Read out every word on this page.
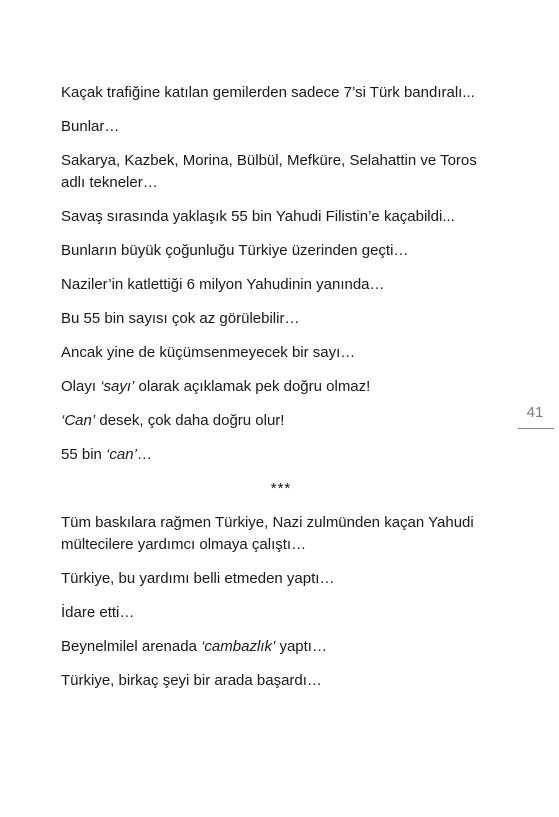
Kaçak trafiğine katılan gemilerden sadece 7’si Türk bandıralı...

Bunlar…

Sakarya, Kazbek, Morina, Bülbül, Mefküre, Selahattin ve Toros adlı tekneler…

Savaş sırasında yaklaşık 55 bin Yahudi Filistin’e kaçabildi...

Bunların büyük çoğunluğu Türkiye üzerinden geçti…

Naziler’in katlettiği 6 milyon Yahudinin yanında…

Bu 55 bin sayısı çok az görülebilir…

Ancak yine de küçümsenmeyecek bir sayı…

Olayı ‘sayı’ olarak açıklamak pek doğru olmaz!

‘Can’ desek, çok daha doğru olur!

55 bin ‘can’…

***

Tüm baskılara rağmen Türkiye, Nazi zulmünden kaçan Yahudi mültecilere yardımcı olmaya çalıştı…

Türkiye, bu yardımı belli etmeden yaptı…

İdare etti…

Beynelmilel arenada ‘cambazlık’ yaptı…

Türkiye, birkaç şeyi bir arada başardı…

41
